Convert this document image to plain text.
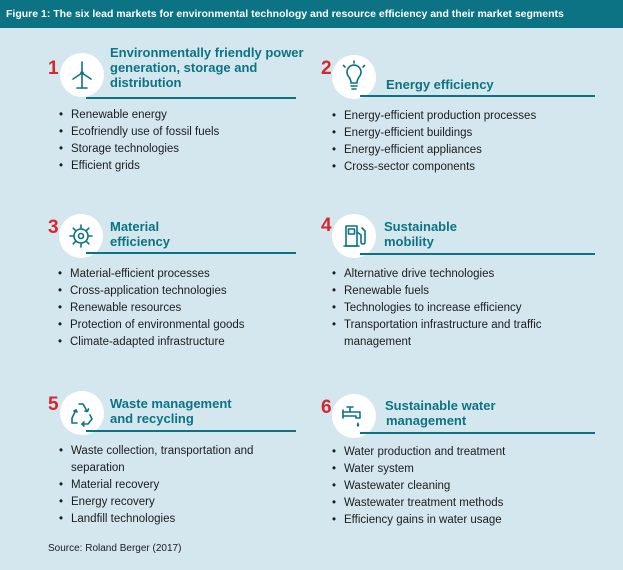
Figure 1: The six lead markets for environmental technology and resource efficiency and their market segments
1
Environmentally friendly power
generation, storage and
distribution
• Renewable energy
• Ecofriendly use of fossil fuels
• Storage technologies
• Efficient grids
2
Energy efficiency
• Energy-efficient production processes
• Energy-efficient buildings
• Energy-efficient appliances
• Cross-sector components
3	Material
efficiency
• Material-efficient processes
• Cross-application technologies
• Renewable resources
• Protection of environmental goods
• Climate-adapted infrastructure
4	Sustainable
mobility
• Alternative drive technologies
• Renewable fuels
• Technologies to increase efficiency
• Transportation infrastructure and traffic management
5	Waste management
and recycling
• Waste collection, transportation and separation
• Material recovery
• Energy recovery
• Landfill technologies
6	Sustainable water
management
• Water production and treatment
• Water system
• Wastewater cleaning
• Wastewater treatment methods
• Efficiency gains in water usage
Source: Roland Berger (2017)
